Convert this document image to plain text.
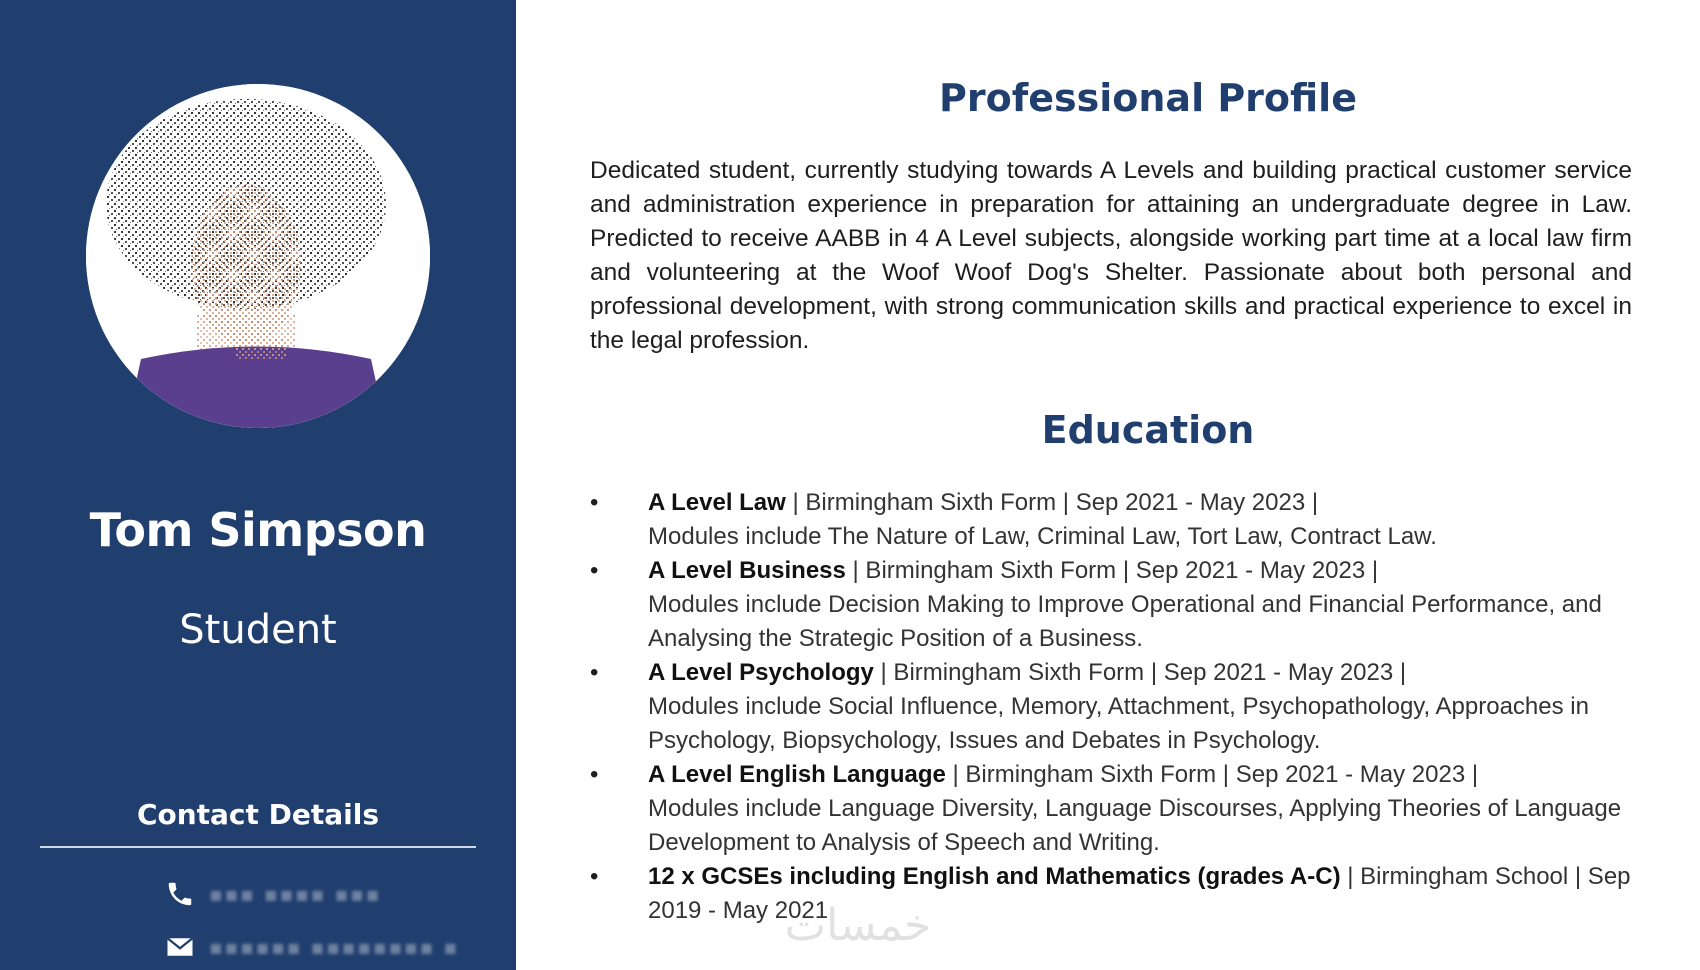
Tom Simpson
Student
Contact Details
▪▪▪ ▪▪▪▪ ▪▪▪
▪▪▪▪▪▪ ▪▪▪▪▪▪▪▪ ▪
Professional Profile
Dedicated student, currently studying towards A Levels and building practical customer service and administration experience in preparation for attaining an undergraduate degree in Law. Predicted to receive AABB in 4 A Level subjects, alongside working part time at a local law firm and volunteering at the Woof Woof Dog's Shelter. Passionate about both personal and professional development, with strong communication skills and practical experience to excel in the legal profession.
Education
•	A Level Law | Birmingham Sixth Form | Sep 2021 - May 2023 |
Modules include The Nature of Law, Criminal Law, Tort Law, Contract Law.
•	A Level Business | Birmingham Sixth Form | Sep 2021 - May 2023 |
Modules include Decision Making to Improve Operational and Financial Performance, and Analysing the Strategic Position of a Business.
•	A Level Psychology | Birmingham Sixth Form | Sep 2021 - May 2023 |
Modules include Social Influence, Memory, Attachment, Psychopathology, Approaches in Psychology, Biopsychology, Issues and Debates in Psychology.
•	A Level English Language | Birmingham Sixth Form | Sep 2021 - May 2023 |
Modules include Language Diversity, Language Discourses, Applying Theories of Language Development to Analysis of Speech and Writing.
•	12 x GCSEs including English and Mathematics (grades A-C) | Birmingham School | Sep 2019 - May 2021
خمسات
